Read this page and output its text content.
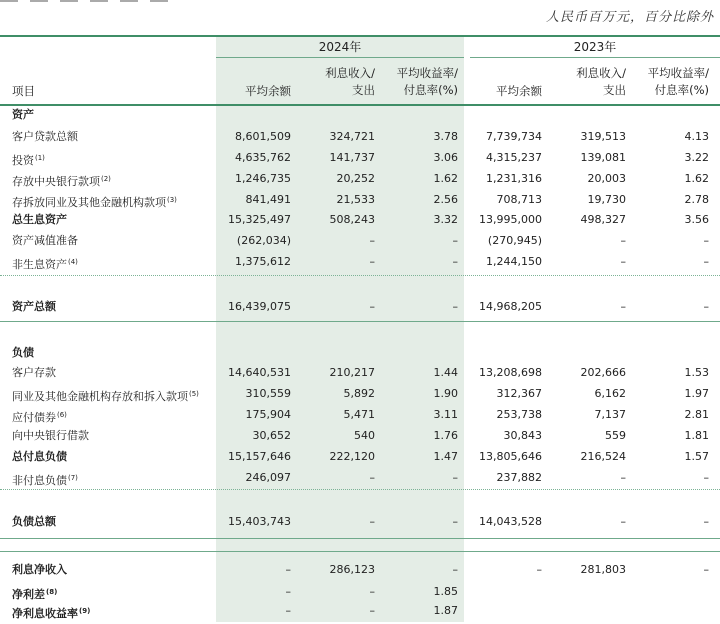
人民币百万元，百分比除外
2024年	2023年
项目	平均余额
利息收入/
支出
平均收益率/
付息率(%)	平均余额
利息收入/
支出
平均收益率/
付息率(%)
资产
客户贷款总额	8,601,509	324,721	3.78	7,739,734	319,513	4.13
投资$^{(1)}$	4,635,762	141,737	3.06	4,315,237	139,081	3.22
存放中央银行款项$^{(2)}$	1,246,735	20,252	1.62	1,231,316	20,003	1.62
存拆放同业及其他金融机构款项$^{(3)}$	841,491	21,533	2.56	708,713	19,730	2.78
总生息资产	15,325,497	508,243	3.32 13,995,000	498,327	3.56
资产减值准备	(262,034)	–	–	(270,945)	–	–
非生息资产$^{(4)}$	1,375,612	–	–	1,244,150	–	–
资产总额	16,439,075	–	– 14,968,205	–	–
负债
客户存款	14,640,531	210,217	1.44 13,208,698	202,666	1.53
同业及其他金融机构存放和拆入款项$^{(5)}$	310,559	5,892	1.90	312,367	6,162	1.97
应付债券$^{(6)}$	175,904	5,471	3.11	253,738	7,137	2.81
向中央银行借款	30,652	540	1.76	30,843	559	1.81
总付息负债	15,157,646	222,120	1.47 13,805,646	216,524	1.57
非付息负债$^{(7)}$	246,097	–	–	237,882	–	–
负债总额	15,403,743	–	– 14,043,528	–	–
利息净收入	–	286,123	–	–	281,803	–
净利差$^{(8)}$	–	–	1.85
净利息收益率$^{(9)}$	–	–	1.87
